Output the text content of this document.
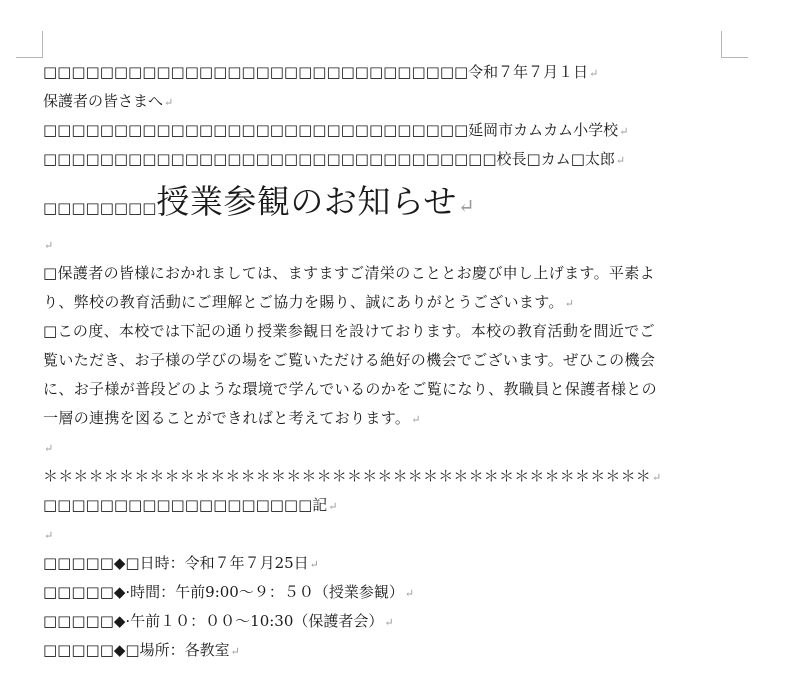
□□□□□□□□□□□□□□□□□□□□□□□□□□□□□□令和７年７月１日↵
保護者の皆さまへ↵
□□□□□□□□□□□□□□□□□□□□□□□□□□□□□□延岡市カムカム小学校↵
□□□□□□□□□□□□□□□□□□□□□□□□□□□□□□□□校長□カム□太郎↵
□□□□□□□□授業参観のお知らせ↵
↵
□保護者の皆様におかれましては、ますますご清栄のこととお慶び申し上げます。平素よ
り、弊校の教育活動にご理解とご協力を賜り、誠にありがとうございます。↵
□この度、本校では下記の通り授業参観日を設けております。本校の教育活動を間近でご
覧いただき、お子様の学びの場をご覧いただける絶好の機会でございます。ぜひこの機会
に、お子様が普段どのような環境で学んでいるのかをご覧になり、教職員と保護者様との
一層の連携を図ることができればと考えております。↵
↵
＊＊＊＊＊＊＊＊＊＊＊＊＊＊＊＊＊＊＊＊＊＊＊＊＊＊＊＊＊＊＊＊＊＊＊＊＊＊＊＊↵
□□□□□□□□□□□□□□□□□□□記↵
↵
□□□□□◆□日時：令和７年７月25日↵
□□□□□◆·時間：午前9:00～９：５０（授業参観）↵
□□□□□◆·午前１０：００～10:30（保護者会）↵
□□□□□◆□場所：各教室↵
